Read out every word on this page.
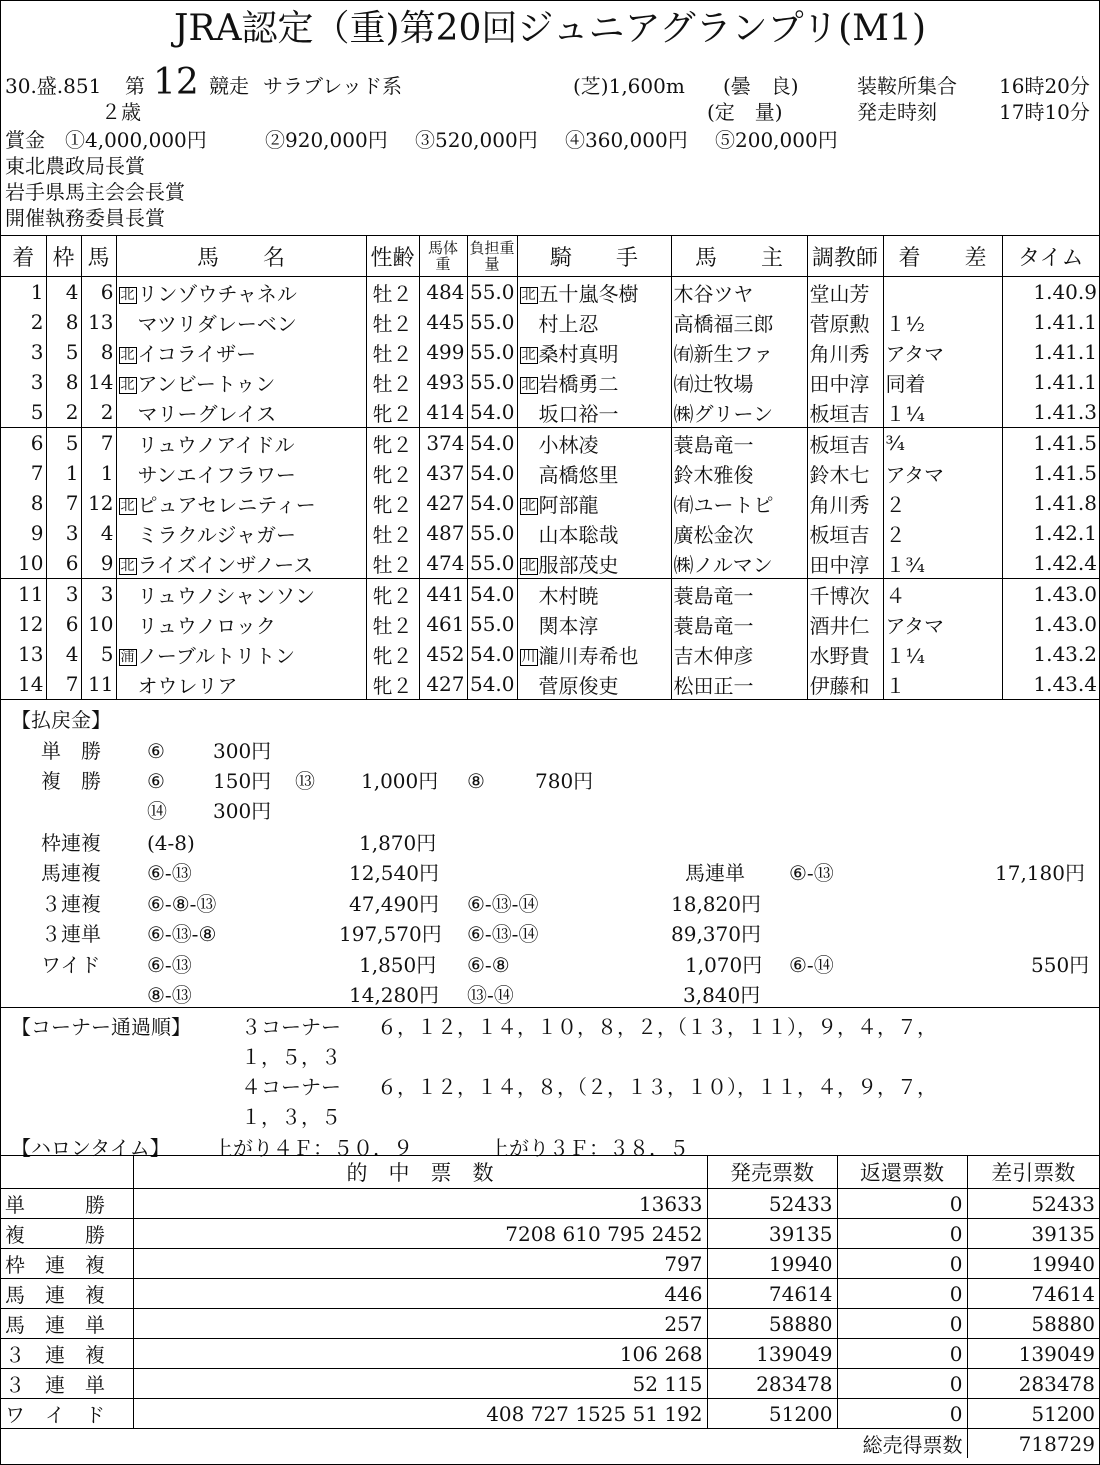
JRA認定（重)第20回ジュニアグランプリ(M1)
30.盛.851 第 12 競走 サラブレッド系	(芝)1,600m (曇　良)	装鞍所集合 16時20分
２歳	(定　量)	発走時刻	17時10分
賞金 ①4,000,000円	②920,000円 ③520,000円 ④360,000円 ⑤200,000円
東北農政局長賞
岩手県馬主会会長賞
開催執務委員長賞
着	枠	馬	馬　　名	性齢	馬体重	負担重量	騎　　手	馬　　主	調教師	着　　差	タイム
1	4	6	北 リンゾウチャネル	牡２	484	55.0	北 五十嵐冬樹	木谷ツヤ	堂山芳		1.40.9
2	8	13	マツリダレーベン	牡２	445	55.0	村上忍	高橋福三郎	菅原勲	１½	1.41.1
3	5	8	北 イコライザー	牡２	499	55.0	北 桑村真明	㈲新生ファ	角川秀	アタマ	1.41.1
3	8	14	北 アンビートゥン	牡２	493	55.0	北 岩橋勇二	㈲辻牧場	田中淳	同着	1.41.1
5	2	2	マリーグレイス	牝２	414	54.0	坂口裕一	㈱グリーン	板垣吉	１¼	1.41.3
6	5	7	リュウノアイドル	牝２	374	54.0	小林凌	蓑島竜一	板垣吉	¾	1.41.5
7	1	1	サンエイフラワー	牝２	437	54.0	高橋悠里	鈴木雅俊	鈴木七	アタマ	1.41.5
8	7	12	北 ピュアセレニティー	牝２	427	54.0	北 阿部龍	㈲ユートピ	角川秀	２	1.41.8
9	3	4	ミラクルジャガー	牡２	487	55.0	山本聡哉	廣松金次	板垣吉	２	1.42.1
10	6	9	北 ライズインザノース	牡２	474	55.0	北 服部茂史	㈱ノルマン	田中淳	１¾	1.42.4
11	3	3	リュウノシャンソン	牝２	441	54.0	木村暁	蓑島竜一	千博次	４	1.43.0
12	6	10	リュウノロック	牡２	461	55.0	関本淳	蓑島竜一	酒井仁	アタマ	1.43.0
13	4	5	浦 ノーブルトリトン	牝２	452	54.0	川 瀧川寿希也	吉木伸彦	水野貴	１¼	1.43.2
14	7	11	オウレリア	牝２	427	54.0	菅原俊吏	松田正一	伊藤和	１	1.43.4
【払戻金】
単　勝 ⑥ 300円
複　勝 ⑥ 150円 ⑬ 1,000円 ⑧	780円
⑭ 300円
枠連複 (4-8)	1,870円
馬連複 ⑥-⑬	12,540円	馬連単 ⑥-⑬	17,180円
３連複 ⑥-⑧-⑬	47,490円 ⑥-⑬-⑭	18,820円
３連単 ⑥-⑬-⑧	197,570円 ⑥-⑬-⑭	89,370円
ワイド ⑥-⑬	1,850円 ⑥-⑧	1,070円 ⑥-⑭	550円
⑧-⑬	14,280円 ⑬-⑭	3,840円
【コーナー通過順】	３コーナー ６，１２，１４，１０，８，２，（１３，１１），９，４，７，
１，５，３
４コーナー ６，１２，１４，８，（２，１３，１０），１１，４，９，７，
１，３，５
【ハロンタイム】 上がり４Ｆ：５０．９	上がり３Ｆ：３８．５
	的　中　票　数	発売票数	返還票数	差引票数
単　　　勝	13633	52433	0	52433
複　　　勝	7208 610 795 2452	39135	0	39135
枠　連　複	797	19940	0	19940
馬　連　複	446	74614	0	74614
馬　連　単	257	58880	0	58880
３　連　複	106 268	139049	0	139049
３　連　単	52 115	283478	0	283478
ワ　イ　ド	408 727 1525 51 192	51200	0	51200
			総売得票数	718729
